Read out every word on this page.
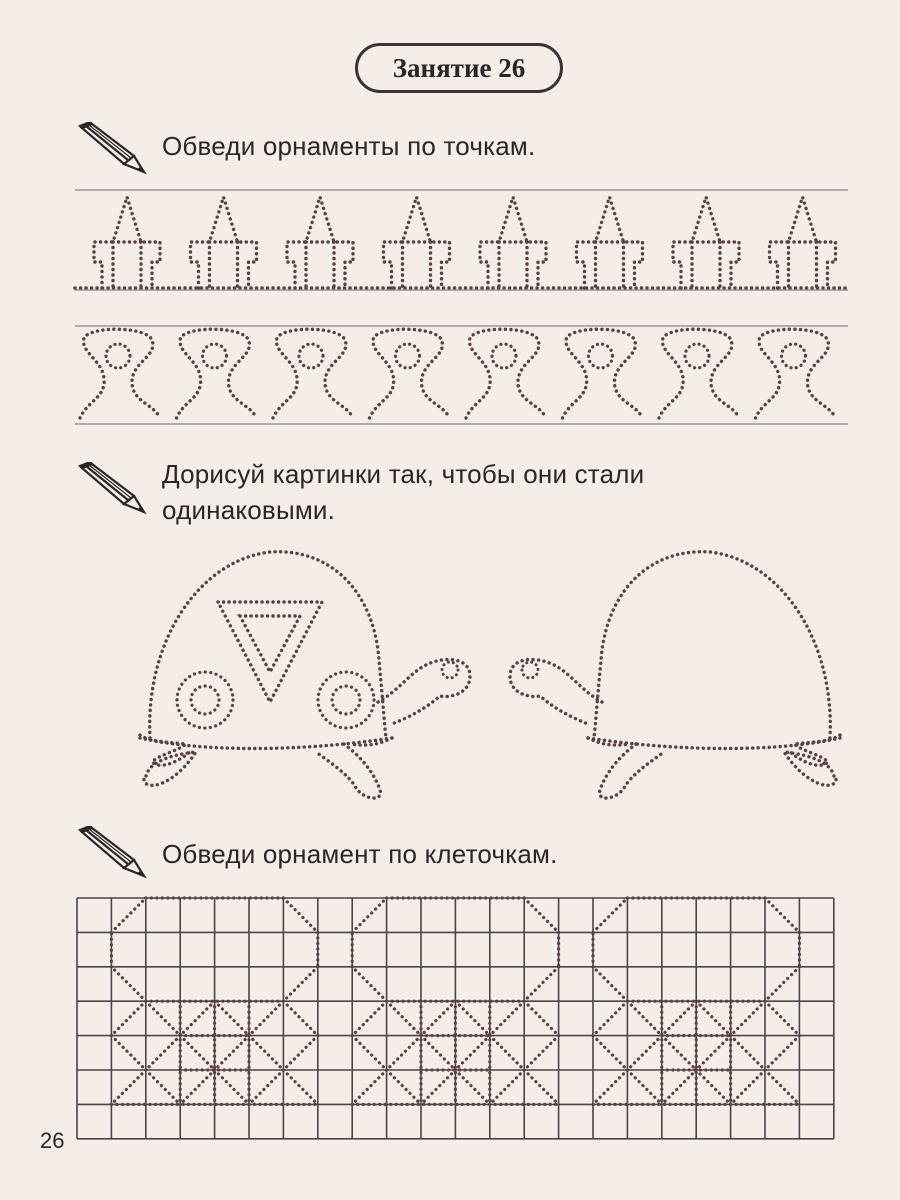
Занятие 26
Обведи орнаменты по точкам.
Дорисуй картинки так, чтобы они стали
одинаковыми.
Обведи орнамент по клеточкам.
26
